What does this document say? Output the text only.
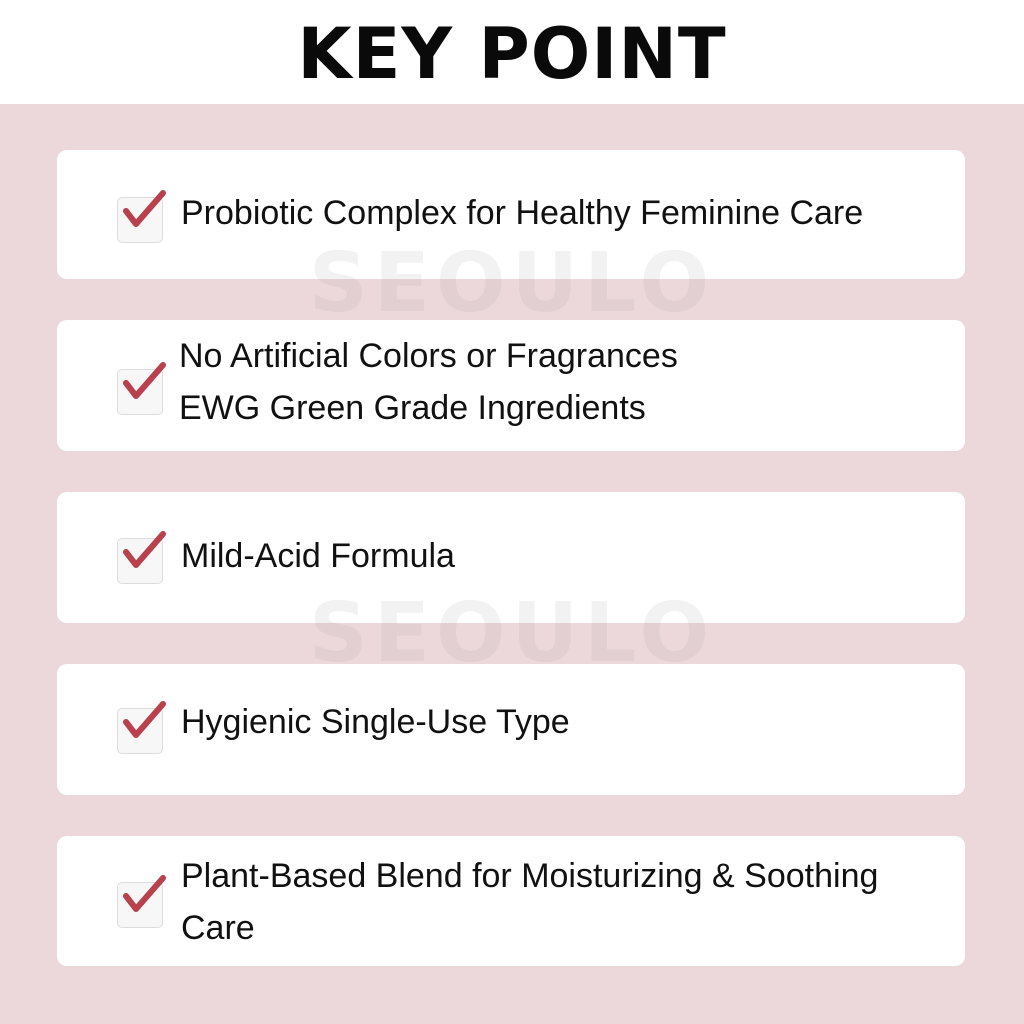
KEY POINT
Probiotic Complex for Healthy Feminine Care
No Artificial Colors or Fragrances
EWG Green Grade Ingredients
Mild-Acid Formula
Hygienic Single-Use Type
Plant-Based Blend for Moisturizing & Soothing
Care
SEOULO
SEOULO
